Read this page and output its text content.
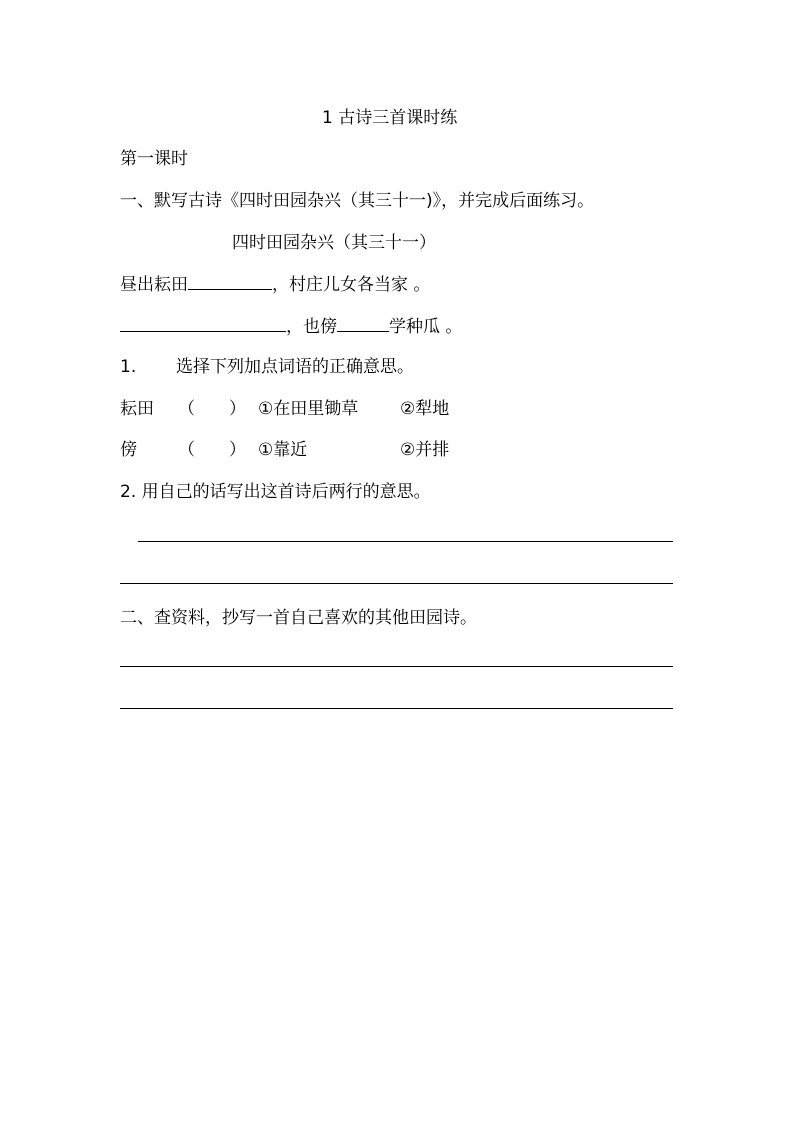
1 古诗三首课时练
第一课时
一、默写古诗《四时田园杂兴（其三十一)》，并完成后面练习。
四时田园杂兴（其三十一）
昼出耘田	，村庄儿女各当家 。
，也傍	学种瓜 。
1. 选择下列加点词语的正确意思。
耘田 （　　） ①在田里锄草 ②犁地
傍 （　　） ①靠近	②并排
2. 用自己的话写出这首诗后两行的意思。
二、查资料，抄写一首自己喜欢的其他田园诗。
